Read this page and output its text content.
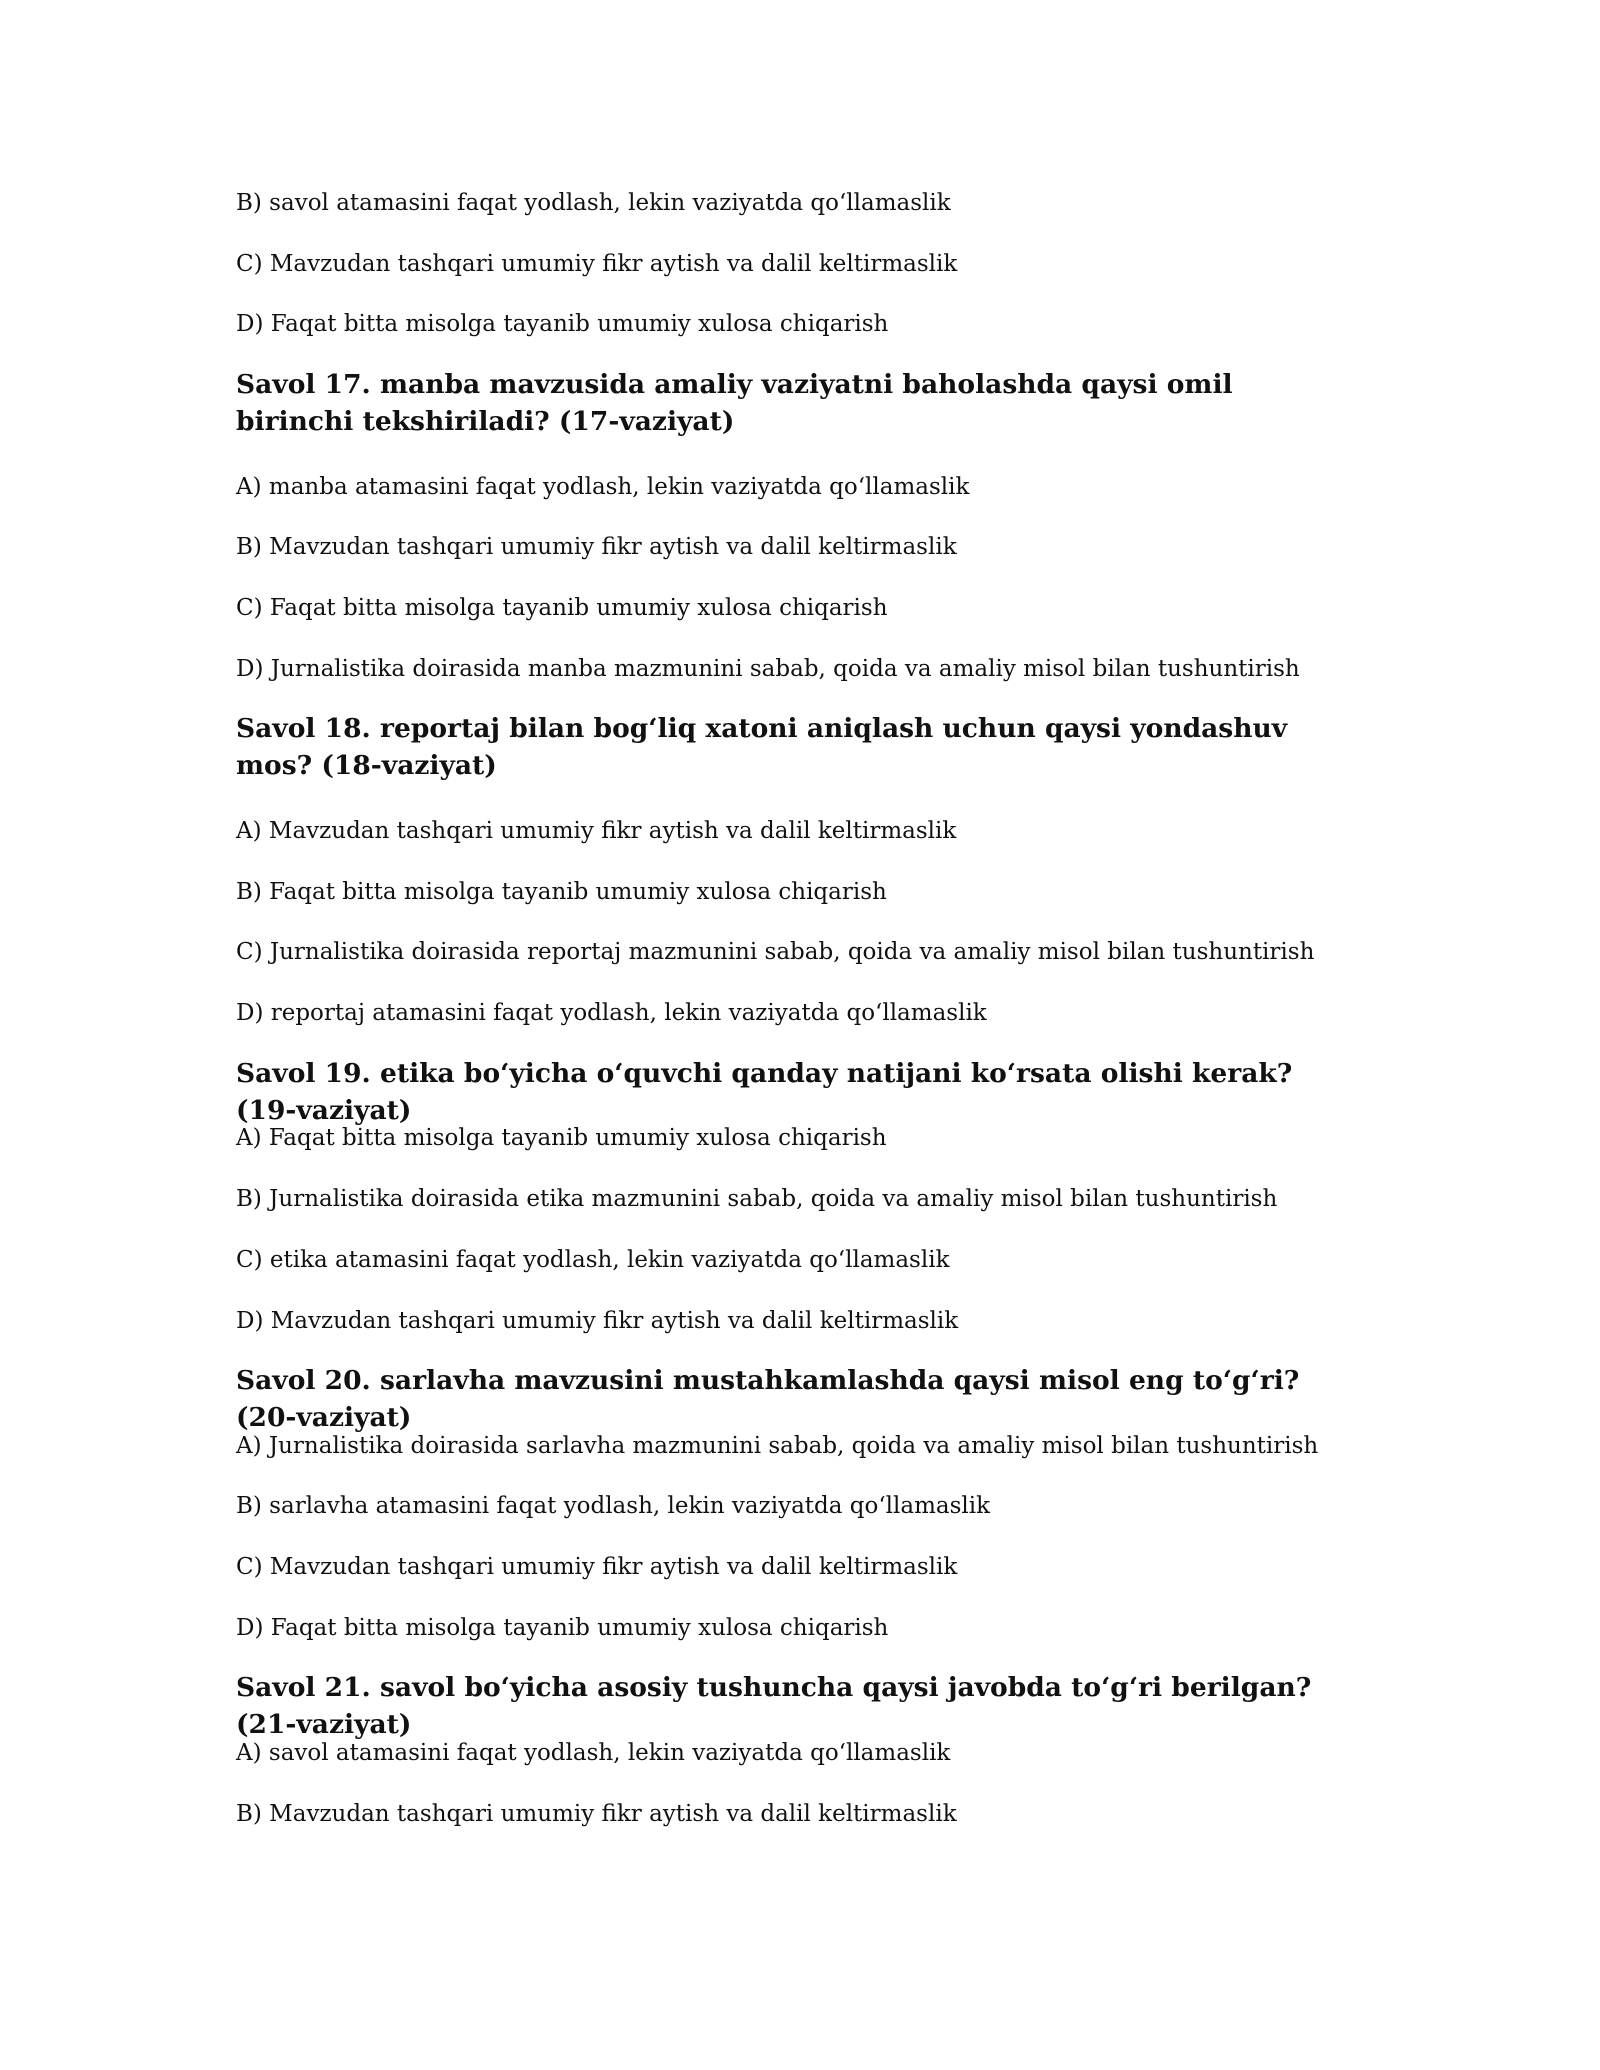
B) savol atamasini faqat yodlash, lekin vaziyatda qo‘llamaslik

C) Mavzudan tashqari umumiy fikr aytish va dalil keltirmaslik

D) Faqat bitta misolga tayanib umumiy xulosa chiqarish

Savol 17. manba mavzusida amaliy vaziyatni baholashda qaysi omil birinchi tekshiriladi? (17-vaziyat)

A) manba atamasini faqat yodlash, lekin vaziyatda qo‘llamaslik

B) Mavzudan tashqari umumiy fikr aytish va dalil keltirmaslik

C) Faqat bitta misolga tayanib umumiy xulosa chiqarish

D) Jurnalistika doirasida manba mazmunini sabab, qoida va amaliy misol bilan tushuntirish

Savol 18. reportaj bilan bog‘liq xatoni aniqlash uchun qaysi yondashuv mos? (18-vaziyat)

A) Mavzudan tashqari umumiy fikr aytish va dalil keltirmaslik

B) Faqat bitta misolga tayanib umumiy xulosa chiqarish

C) Jurnalistika doirasida reportaj mazmunini sabab, qoida va amaliy misol bilan tushuntirish

D) reportaj atamasini faqat yodlash, lekin vaziyatda qo‘llamaslik

Savol 19. etika bo‘yicha o‘quvchi qanday natijani ko‘rsata olishi kerak? (19-vaziyat)

A) Faqat bitta misolga tayanib umumiy xulosa chiqarish

B) Jurnalistika doirasida etika mazmunini sabab, qoida va amaliy misol bilan tushuntirish

C) etika atamasini faqat yodlash, lekin vaziyatda qo‘llamaslik

D) Mavzudan tashqari umumiy fikr aytish va dalil keltirmaslik

Savol 20. sarlavha mavzusini mustahkamlashda qaysi misol eng to‘g‘ri? (20-vaziyat)

A) Jurnalistika doirasida sarlavha mazmunini sabab, qoida va amaliy misol bilan tushuntirish

B) sarlavha atamasini faqat yodlash, lekin vaziyatda qo‘llamaslik

C) Mavzudan tashqari umumiy fikr aytish va dalil keltirmaslik

D) Faqat bitta misolga tayanib umumiy xulosa chiqarish

Savol 21. savol bo‘yicha asosiy tushuncha qaysi javobda to‘g‘ri berilgan? (21-vaziyat)

A) savol atamasini faqat yodlash, lekin vaziyatda qo‘llamaslik

B) Mavzudan tashqari umumiy fikr aytish va dalil keltirmaslik
